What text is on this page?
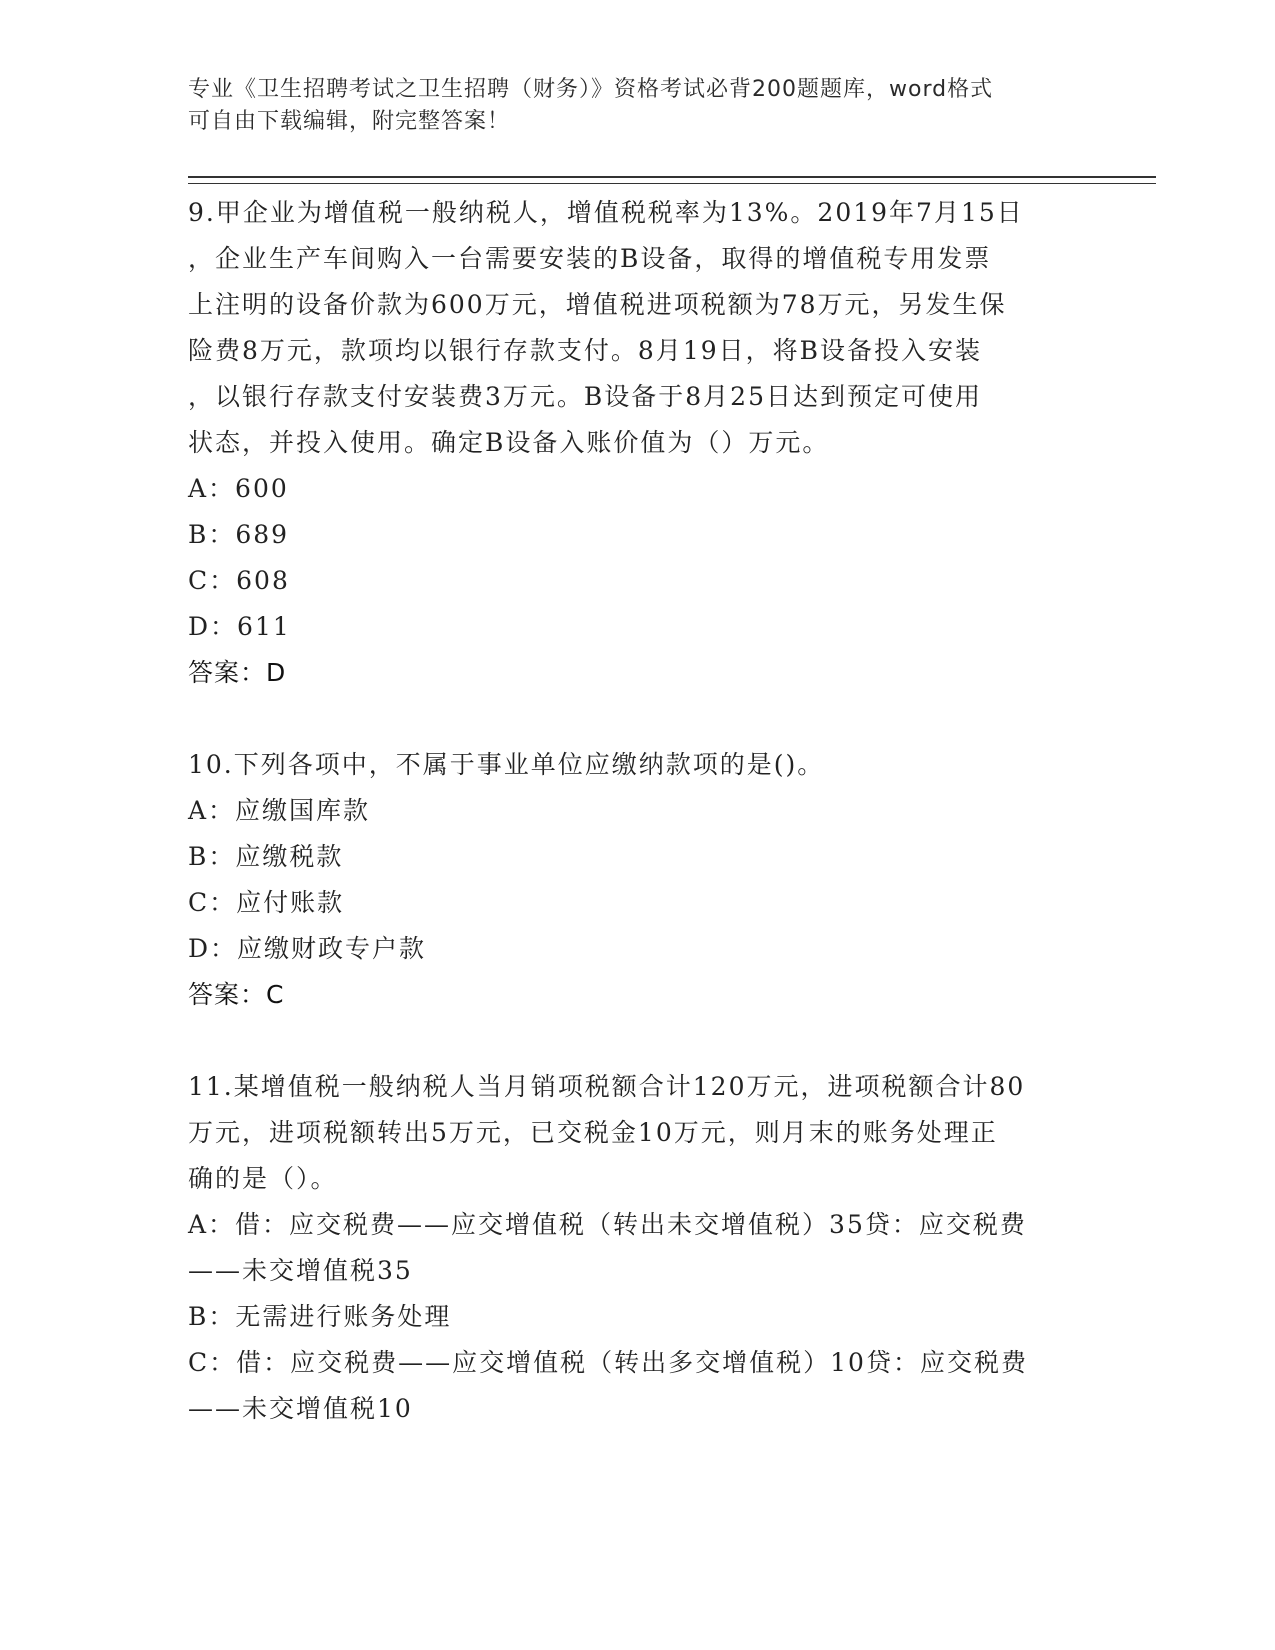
专业《卫生招聘考试之卫生招聘（财务）》资格考试必背200题题库，word格式
可自由下载编辑，附完整答案！
9.甲企业为增值税一般纳税人，增值税税率为13%。2019年7月15日
，企业生产车间购入一台需要安装的B设备，取得的增值税专用发票
上注明的设备价款为600万元，增值税进项税额为78万元，另发生保
险费8万元，款项均以银行存款支付。8月19日，将B设备投入安装
，以银行存款支付安装费3万元。B设备于8月25日达到预定可使用
状态，并投入使用。确定B设备入账价值为（）万元。
A：600
B：689
C：608
D：611
答案：D
10.下列各项中，不属于事业单位应缴纳款项的是()。
A：应缴国库款
B：应缴税款
C：应付账款
D：应缴财政专户款
答案：C
11.某增值税一般纳税人当月销项税额合计120万元，进项税额合计80
万元，进项税额转出5万元，已交税金10万元，则月末的账务处理正
确的是（）。
A：借：应交税费——应交增值税（转出未交增值税）35贷：应交税费
——未交增值税35
B：无需进行账务处理
C：借：应交税费——应交增值税（转出多交增值税）10贷：应交税费
——未交增值税10
